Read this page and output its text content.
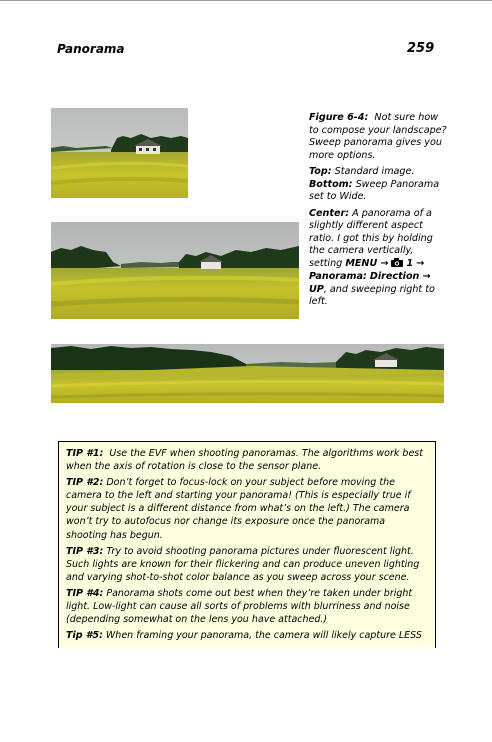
Panorama	259

Figure 6-4: Not sure how to compose your landscape? Sweep panorama gives you more options.

Top: Standard image.
Bottom: Sweep Panorama set to Wide.

Center: A panorama of a slightly different aspect ratio. I got this by holding the camera vertically, setting MENU → 1 → Panorama: Direction → UP, and sweeping right to left.

TIP #1: Use the EVF when shooting panoramas. The algorithms work best when the axis of rotation is close to the sensor plane.

TIP #2: Don’t forget to focus-lock on your subject before moving the camera to the left and starting your panorama! (This is especially true if your subject is a different distance from what’s on the left.) The camera won’t try to autofocus nor change its exposure once the panorama shooting has begun.

TIP #3: Try to avoid shooting panorama pictures under fluorescent light. Such lights are known for their flickering and can produce uneven lighting and varying shot-to-shot color balance as you sweep across your scene.

TIP #4: Panorama shots come out best when they’re taken under bright light. Low-light can cause all sorts of problems with blurriness and noise (depending somewhat on the lens you have attached.)

Tip #5: When framing your panorama, the camera will likely capture LESS
